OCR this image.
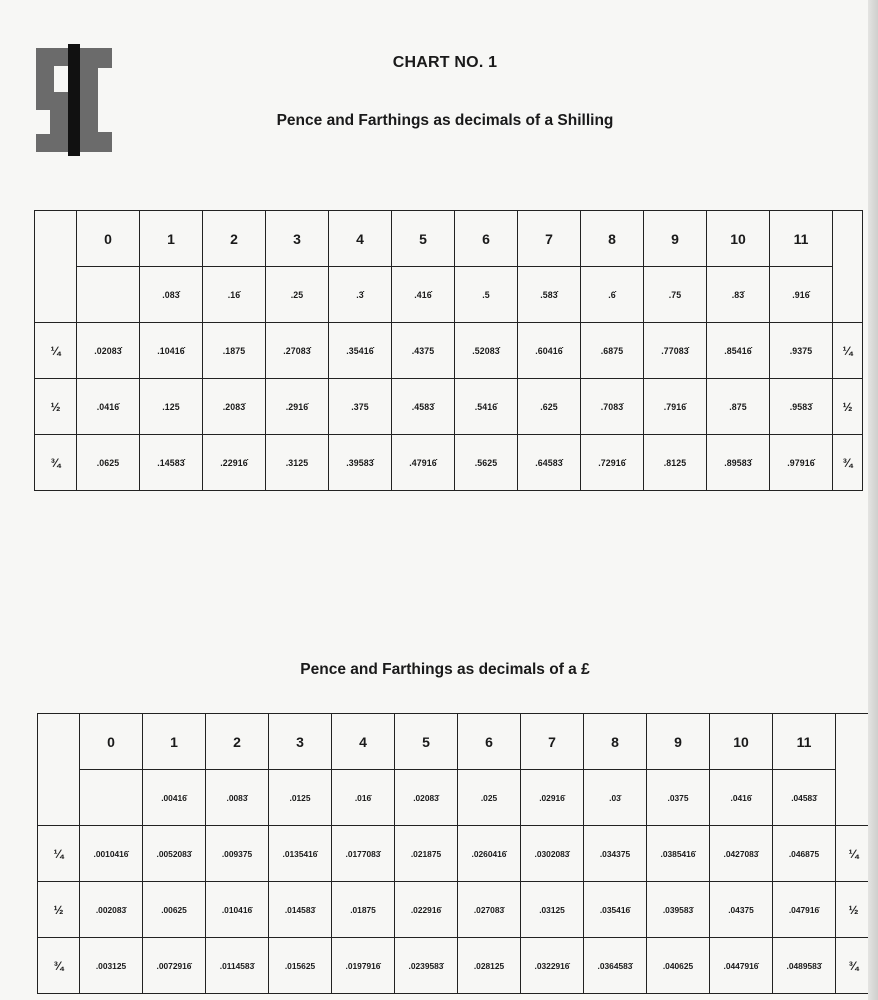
CHART NO. 1
Pence and Farthings as decimals of a Shilling
	0	1	2	3	4	5	6	7	8	9	10	11	
		.083̇	.16̇	.25	.3̇	.416̇	.5	.583̇	.6̇	.75	.83̇	.916̇	
¼	.02083̇	.10416̇	.1875	.27083̇	.35416̇	.4375	.52083̇	.60416̇	.6875	.77083̇	.85416̇	.9375	¼
½	.0416̇	.125	.2083̇	.2916̇	.375	.4583̇	.5416̇	.625	.7083̇	.7916̇	.875	.9583̇	½
¾	.0625	.14583̇	.22916̇	.3125	.39583̇	.47916̇	.5625	.64583̇	.72916̇	.8125	.89583̇	.97916̇	¾
Pence and Farthings as decimals of a £
	0	1	2	3	4	5	6	7	8	9	10	11	
		.00416̇	.0083̇	.0125	.016̇	.02083̇	.025	.02916̇	.03̇	.0375	.0416̇	.04583̇	
¼	.0010416̇	.0052083̇	.009375	.0135416̇	.0177083̇	.021875	.0260416̇	.0302083̇	.034375	.0385416̇	.0427083̇	.046875	¼
½	.002083̇	.00625	.010416̇	.014583̇	.01875	.022916̇	.027083̇	.03125	.035416̇	.039583̇	.04375	.047916̇	½
¾	.003125	.0072916̇	.0114583̇	.015625	.0197916̇	.0239583̇	.028125	.0322916̇	.0364583̇	.040625	.0447916̇	.0489583̇	¾
